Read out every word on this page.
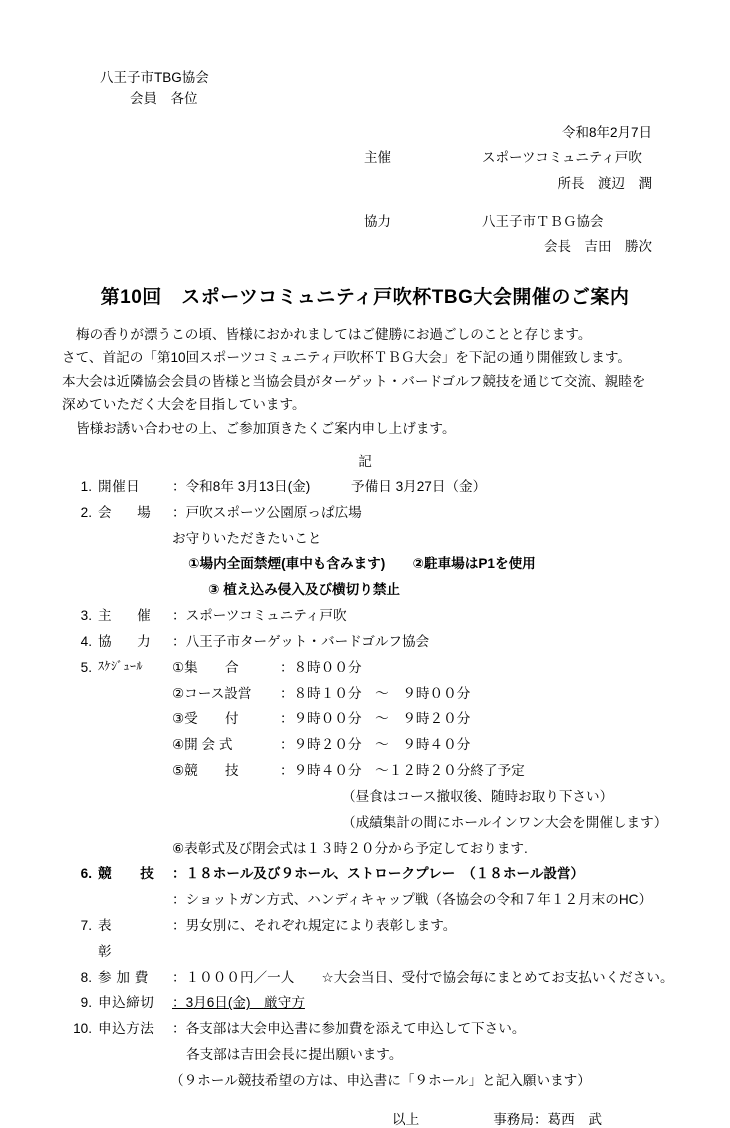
八王子市TBG協会
会員　各位
令和8年2月7日
主催	スポーツコミュニティ戸吹
所長　渡辺　潤
協力	八王子市ＴＢＧ協会
会長　吉田　勝次
第10回　スポーツコミュニティ戸吹杯TBG大会開催のご案内

梅の香りが漂うこの頃、皆様におかれましてはご健勝にお過ごしのことと存じます。

さて、首記の「第10回スポーツコミュニティ戸吹杯ＴＢＧ大会」を下記の通り開催致します。

本大会は近隣協会会員の皆様と当協会員がターゲット・バードゴルフ競技を通じて交流、親睦を

深めていただく大会を目指しています。

皆様お誘い合わせの上、ご参加頂きたくご案内申し上げます。

記
1. 開催日	：令和8年 3月13日(金)　　　予備日 3月27日（金）
2. 会　場	：戸吹スポーツ公園原っぱ広場
お守りいただきたいこと
①場内全面禁煙(車中も含みます)　　②駐車場はP1を使用
③ 植え込み侵入及び横切り禁止
3. 主　催	：スポーツコミュニティ戸吹
4. 協　力	：八王子市ターゲット・バードゴルフ協会
5. ｽｹｼﾞｭｰﾙ	①集　　合	：８時００分
②コース設営	：８時１０分　～　９時００分
③受　　付	：９時００分　～　９時２０分
④開 会 式	：９時２０分　～　９時４０分
⑤競　　技	：９時４０分　～１２時２０分終了予定
（昼食はコース撤収後、随時お取り下さい）
（成績集計の間にホールインワン大会を開催します）
⑥表彰式及び閉会式は１３時２０分から予定しております.
6. 競　　技	：１８ホール及び９ホール、ストロークプレー　（１８ホール設営）
：ショットガン方式、ハンディキャップ戦（各協会の令和７年１２月末のHC）
7. 表　　彰
：男女別に、それぞれ規定により表彰します。
8. 参 加 費	：１０００円／一人　　☆大会当日、受付で協会毎にまとめてお支払いください。
9. 申込締切	：3月6日(金)　厳守方
10. 申込方法	：各支部は大会申込書に参加費を添えて申込して下さい。
各支部は吉田会長に提出願います。
（９ホール競技希望の方は、申込書に「９ホール」と記入願います）
以上	事務局：葛西　武
